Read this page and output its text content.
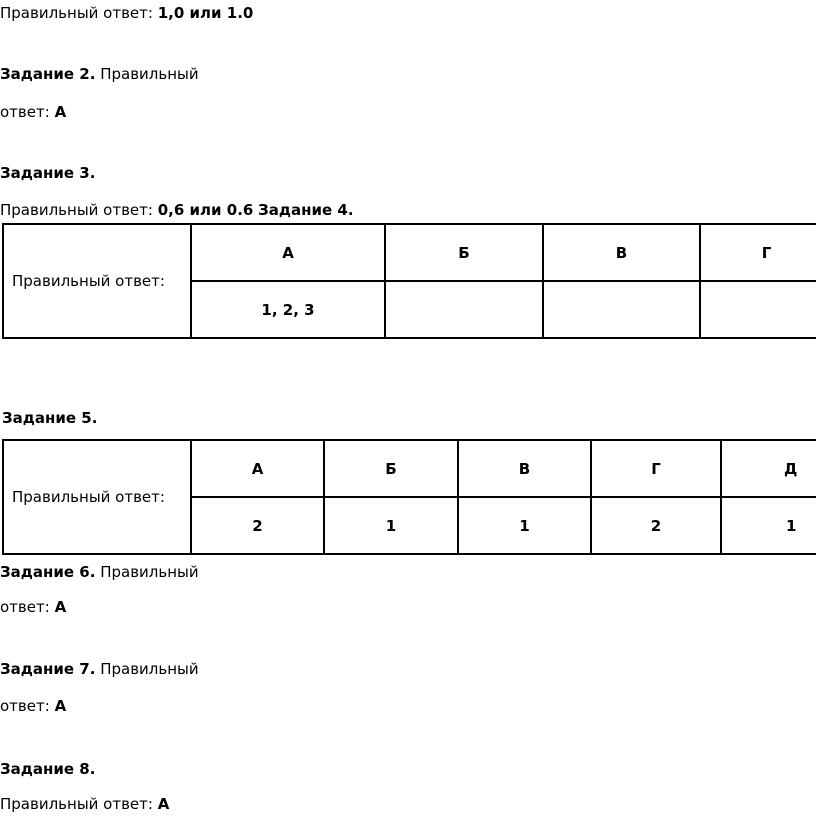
Правильный ответ: 1,0 или 1.0
Задание 2. Правильный
ответ: А
Задание 3.
Правильный ответ: 0,6 или 0.6 Задание 4.
Правильный ответ:	А	Б	В	Г
	1, 2, 3			
Задание 5.
Правильный ответ:	А	Б	В	Г	Д
	2	1	1	2	1
Задание 6. Правильный
ответ: А
Задание 7. Правильный
ответ: А
Задание 8.
Правильный ответ: А
